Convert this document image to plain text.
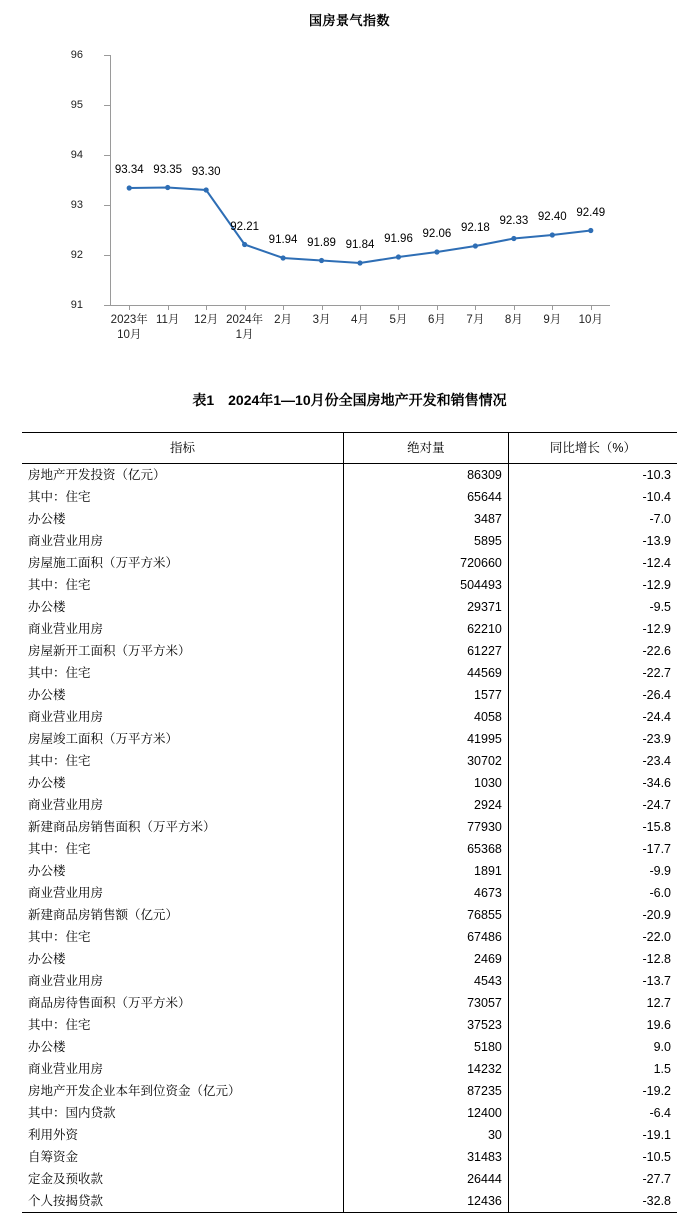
国房景气指数
91
92
93
94
95
96
2023年
10月
11月	12月 2024年
1月
2月	3月	4月	5月	6月	7月	8月	9月	10月
93.34 93.35 93.30
92.21
91.94 91.89 91.84 91.96 92.06 92.18
92.33 92.40 92.49
表1　2024年1—10月份全国房地产开发和销售情况
指标	绝对量	同比增长（%）
房地产开发投资（亿元）	86309	-10.3
其中：住宅	65644	-10.4
办公楼	3487	-7.0
商业营业用房	5895	-13.9
房屋施工面积（万平方米）	720660	-12.4
其中：住宅	504493	-12.9
办公楼	29371	-9.5
商业营业用房	62210	-12.9
房屋新开工面积（万平方米）	61227	-22.6
其中：住宅	44569	-22.7
办公楼	1577	-26.4
商业营业用房	4058	-24.4
房屋竣工面积（万平方米）	41995	-23.9
其中：住宅	30702	-23.4
办公楼	1030	-34.6
商业营业用房	2924	-24.7
新建商品房销售面积（万平方米）	77930	-15.8
其中：住宅	65368	-17.7
办公楼	1891	-9.9
商业营业用房	4673	-6.0
新建商品房销售额（亿元）	76855	-20.9
其中：住宅	67486	-22.0
办公楼	2469	-12.8
商业营业用房	4543	-13.7
商品房待售面积（万平方米）	73057	12.7
其中：住宅	37523	19.6
办公楼	5180	9.0
商业营业用房	14232	1.5
房地产开发企业本年到位资金（亿元）	87235	-19.2
其中：国内贷款	12400	-6.4
利用外资	30	-19.1
自筹资金	31483	-10.5
定金及预收款	26444	-27.7
个人按揭贷款	12436	-32.8
